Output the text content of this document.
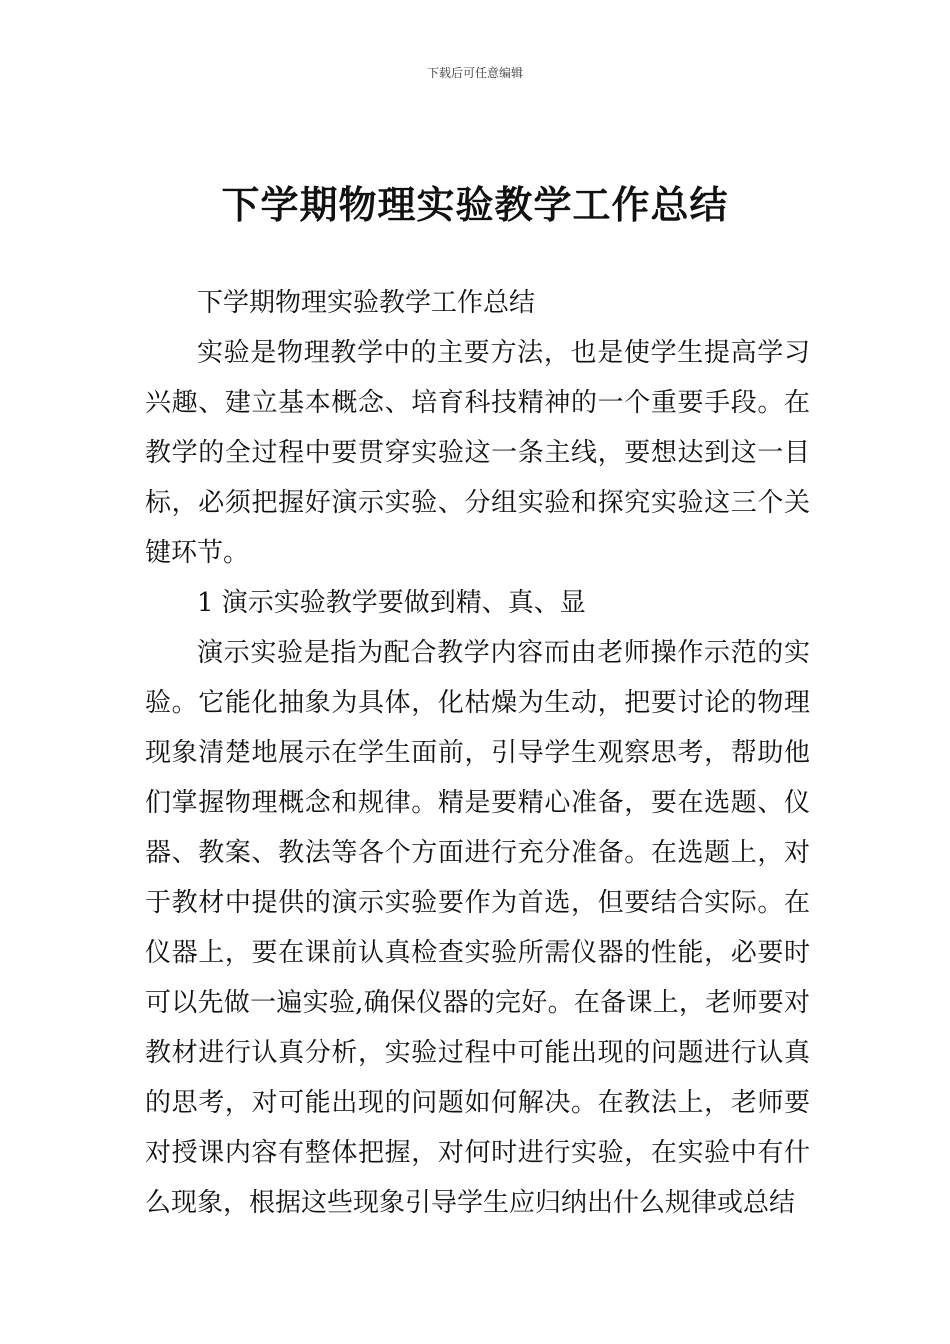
下载后可任意编辑
下学期物理实验教学工作总结

下学期物理实验教学工作总结

实验是物理教学中的主要方法，也是使学生提高学习兴趣、建立基本概念、培育科技精神的一个重要手段。在教学的全过程中要贯穿实验这一条主线，要想达到这一目标，必须把握好演示实验、分组实验和探究实验这三个关键环节。

1 演示实验教学要做到精、真、显

演示实验是指为配合教学内容而由老师操作示范的实验。它能化抽象为具体，化枯燥为生动，把要讨论的物理现象清楚地展示在学生面前，引导学生观察思考，帮助他们掌握物理概念和规律。精是要精心准备，要在选题、仪器、教案、教法等各个方面进行充分准备。在选题上，对于教材中提供的演示实验要作为首选，但要结合实际。在仪器上，要在课前认真检查实验所需仪器的性能，必要时可以先做一遍实验,确保仪器的完好。在备课上，老师要对教材进行认真分析，实验过程中可能出现的问题进行认真的思考，对可能出现的问题如何解决。在教法上，老师要对授课内容有整体把握，对何时进行实验，在实验中有什么现象，根据这些现象引导学生应归纳出什么规律或总结
